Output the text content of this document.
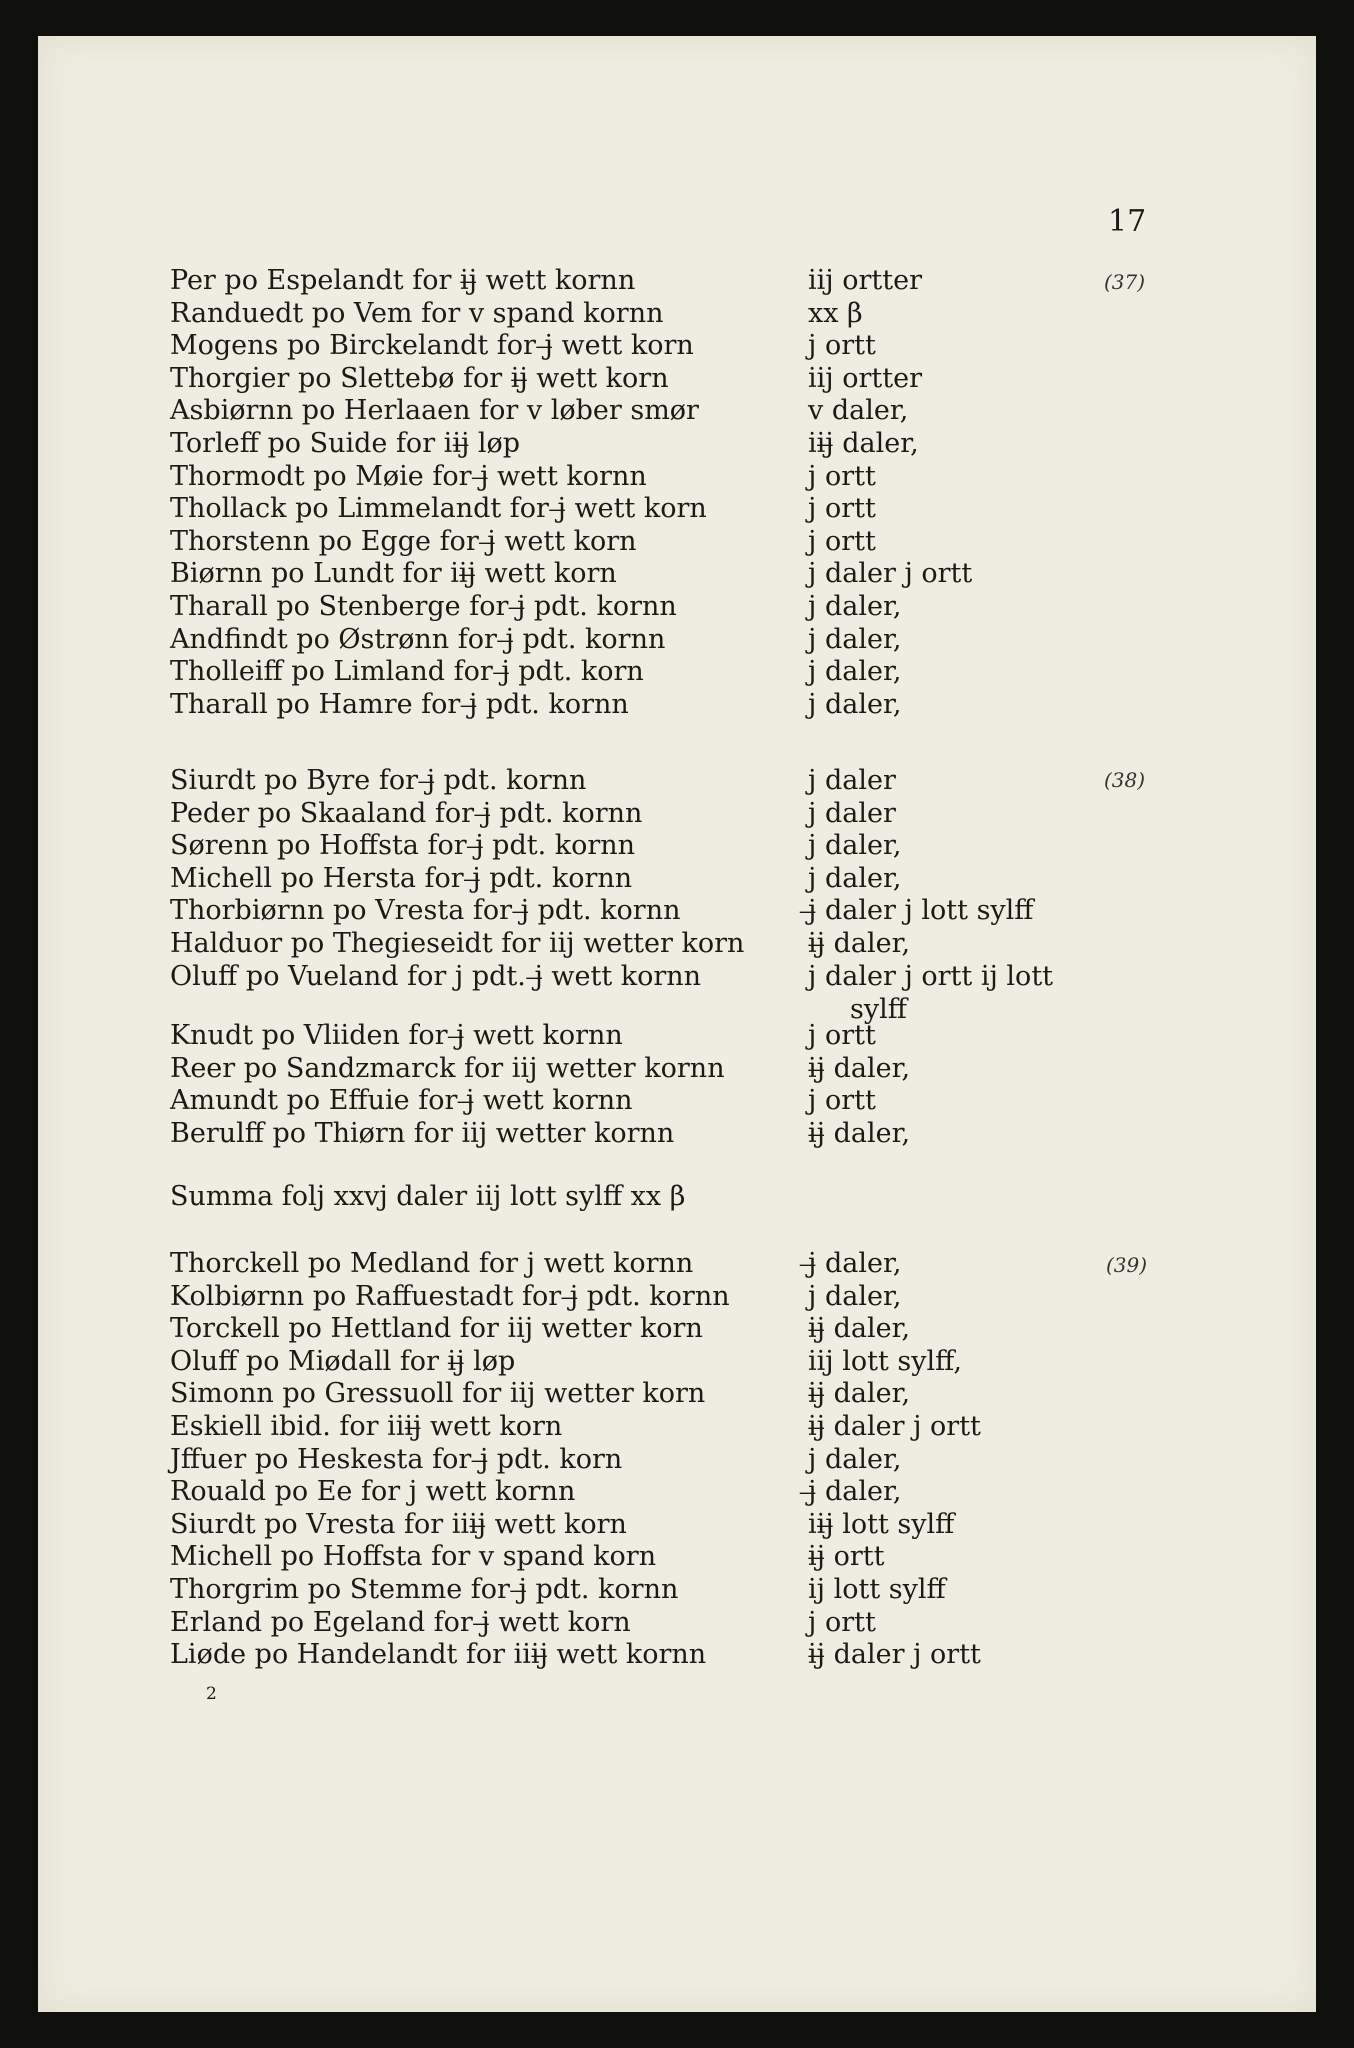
17
(37)
(38)
(39)
Per po Espelandt for ij̶ wett kornn	iij ortter
Randuedt po Vem for v spand kornn	xx β
Mogens po Birckelandt for j̶ wett korn	j ortt
Thorgier po Slettebø for ij̶ wett korn	iij ortter
Asbiørnn po Herlaaen for v løber smør	v daler,
Torleff po Suide for iij̶ løp	iij̶ daler,
Thormodt po Møie for j̶ wett kornn	j ortt
Thollack po Limmelandt for j̶ wett korn	j ortt
Thorstenn po Egge for j̶ wett korn	j ortt
Biørnn po Lundt for iij̶ wett korn	j daler j ortt
Tharall po Stenberge for j̶ pdt. kornn	j daler,
Andfindt po Østrønn for j̶ pdt. kornn	j daler,
Tholleiff po Limland for j̶ pdt. korn	j daler,
Tharall po Hamre for j̶ pdt. kornn	j daler,
Siurdt po Byre for j̶ pdt. kornn	j daler
Peder po Skaaland for j̶ pdt. kornn	j daler
Sørenn po Hoffsta for j̶ pdt. kornn	j daler,
Michell po Hersta for j̶ pdt. kornn	j daler,
Thorbiørnn po Vresta for j̶ pdt. kornn	j̶ daler j lott sylff
Halduor po Thegieseidt for iij wetter korn ij̶ daler,
Oluff po Vueland for j pdt. j̶ wett kornn	j daler j ortt ij lott
sylff
Knudt po Vliiden for j̶ wett kornn	j ortt
Reer po Sandzmarck for iij wetter kornn	ij̶ daler,
Amundt po Effuie for j̶ wett kornn	j ortt
Berulff po Thiørn for iij wetter kornn	ij̶ daler,
Summa folj xxvj daler iij lott sylff xx β
Thorckell po Medland for j wett kornn	j̶ daler,
Kolbiørnn po Raffuestadt for j̶ pdt. kornn	j daler,
Torckell po Hettland for iij wetter korn	ij̶ daler,
Oluff po Miødall for ij̶ løp	iij lott sylff,
Simonn po Gressuoll for iij wetter korn	ij̶ daler,
Eskiell ibid. for iiij̶ wett korn	ij̶ daler j ortt
Jffuer po Heskesta for j̶ pdt. korn	j daler,
Rouald po Ee for j wett kornn	j̶ daler,
Siurdt po Vresta for iiij̶ wett korn	iij̶ lott sylff
Michell po Hoffsta for v spand korn	ij̶ ortt
Thorgrim po Stemme for j̶ pdt. kornn	ij lott sylff
Erland po Egeland for j̶ wett korn	j ortt
Liøde po Handelandt for iiij̶ wett kornn	ij̶ daler j ortt
2
